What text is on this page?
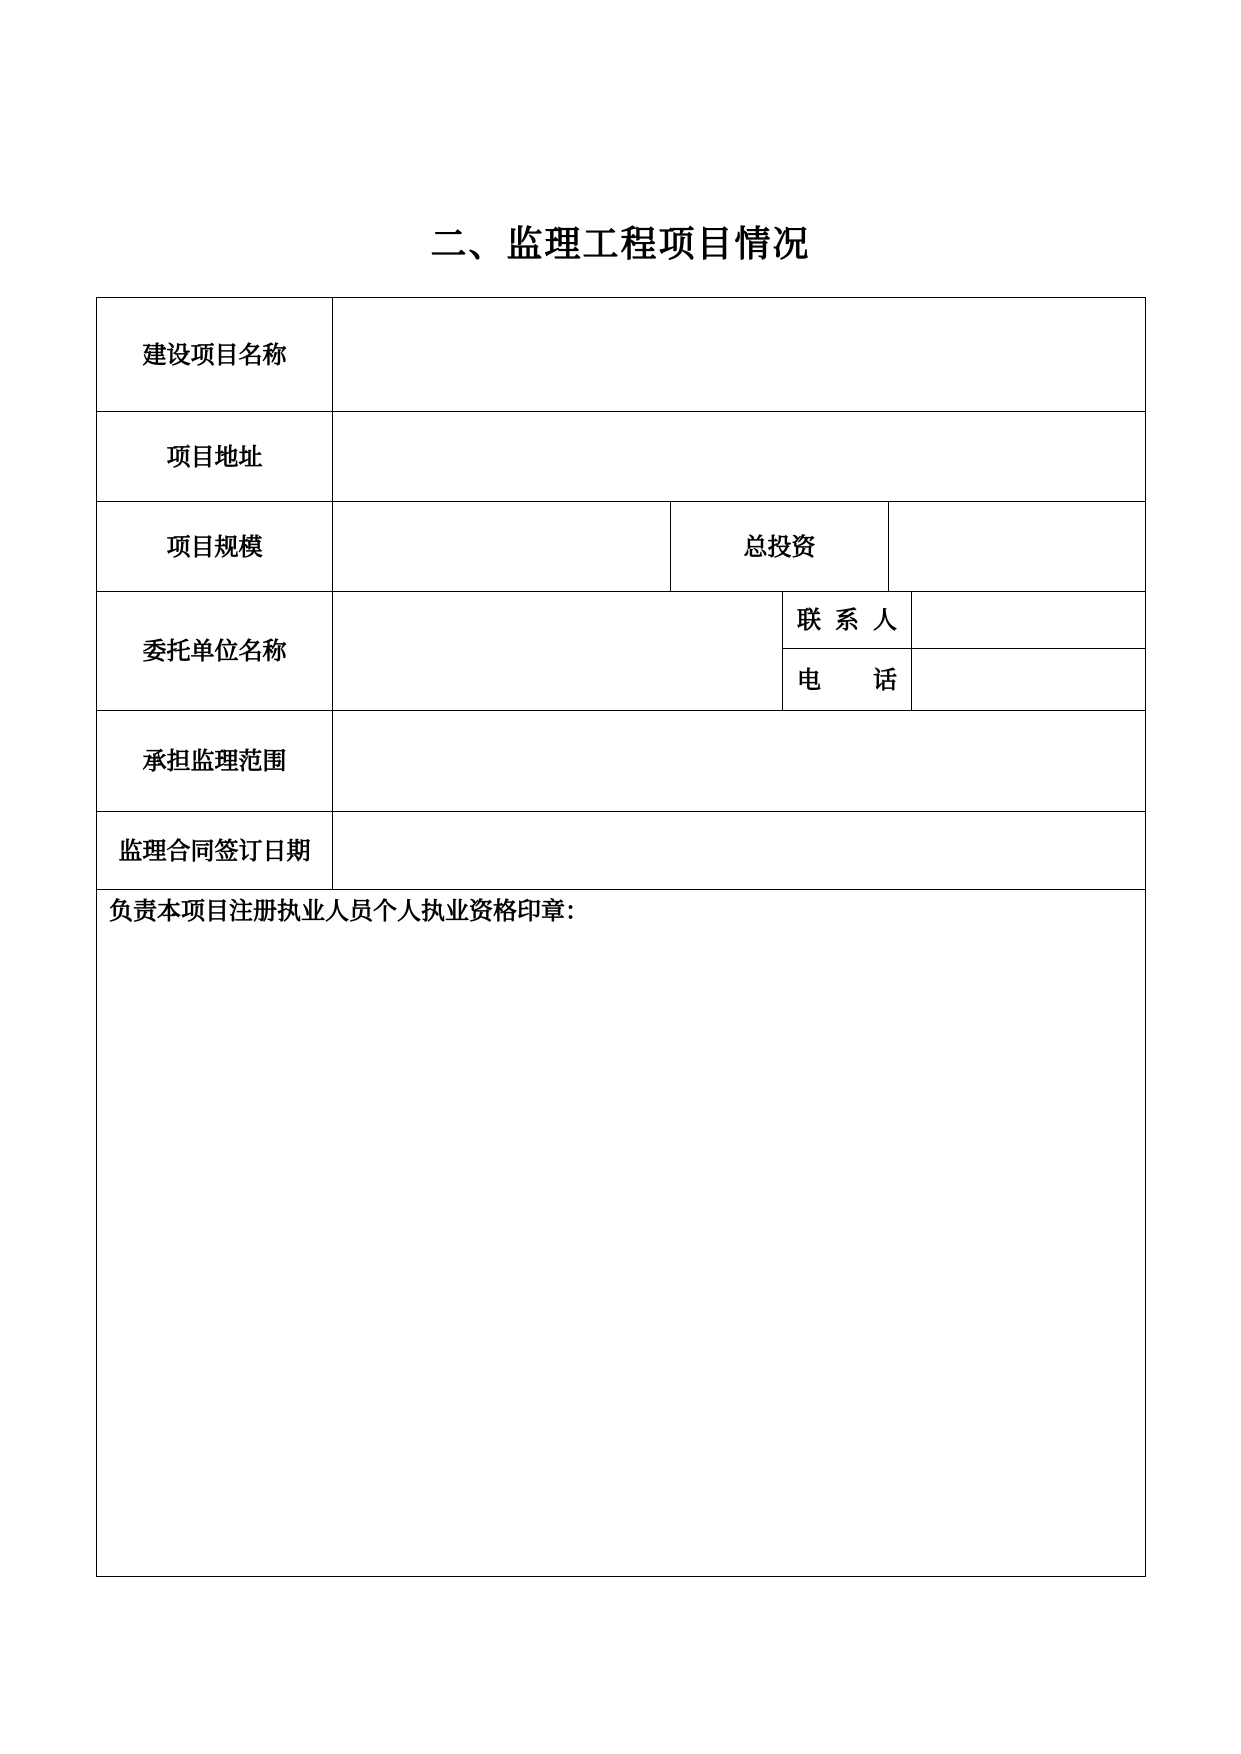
二、监理工程项目情况
建设项目名称					
项目地址					
项目规模		总投资			
委托单位名称			联 系 人		

			电 话		

承担监理范围					
监理合同签订日期					

负责本项目注册执业人员个人执业资格印章：					
